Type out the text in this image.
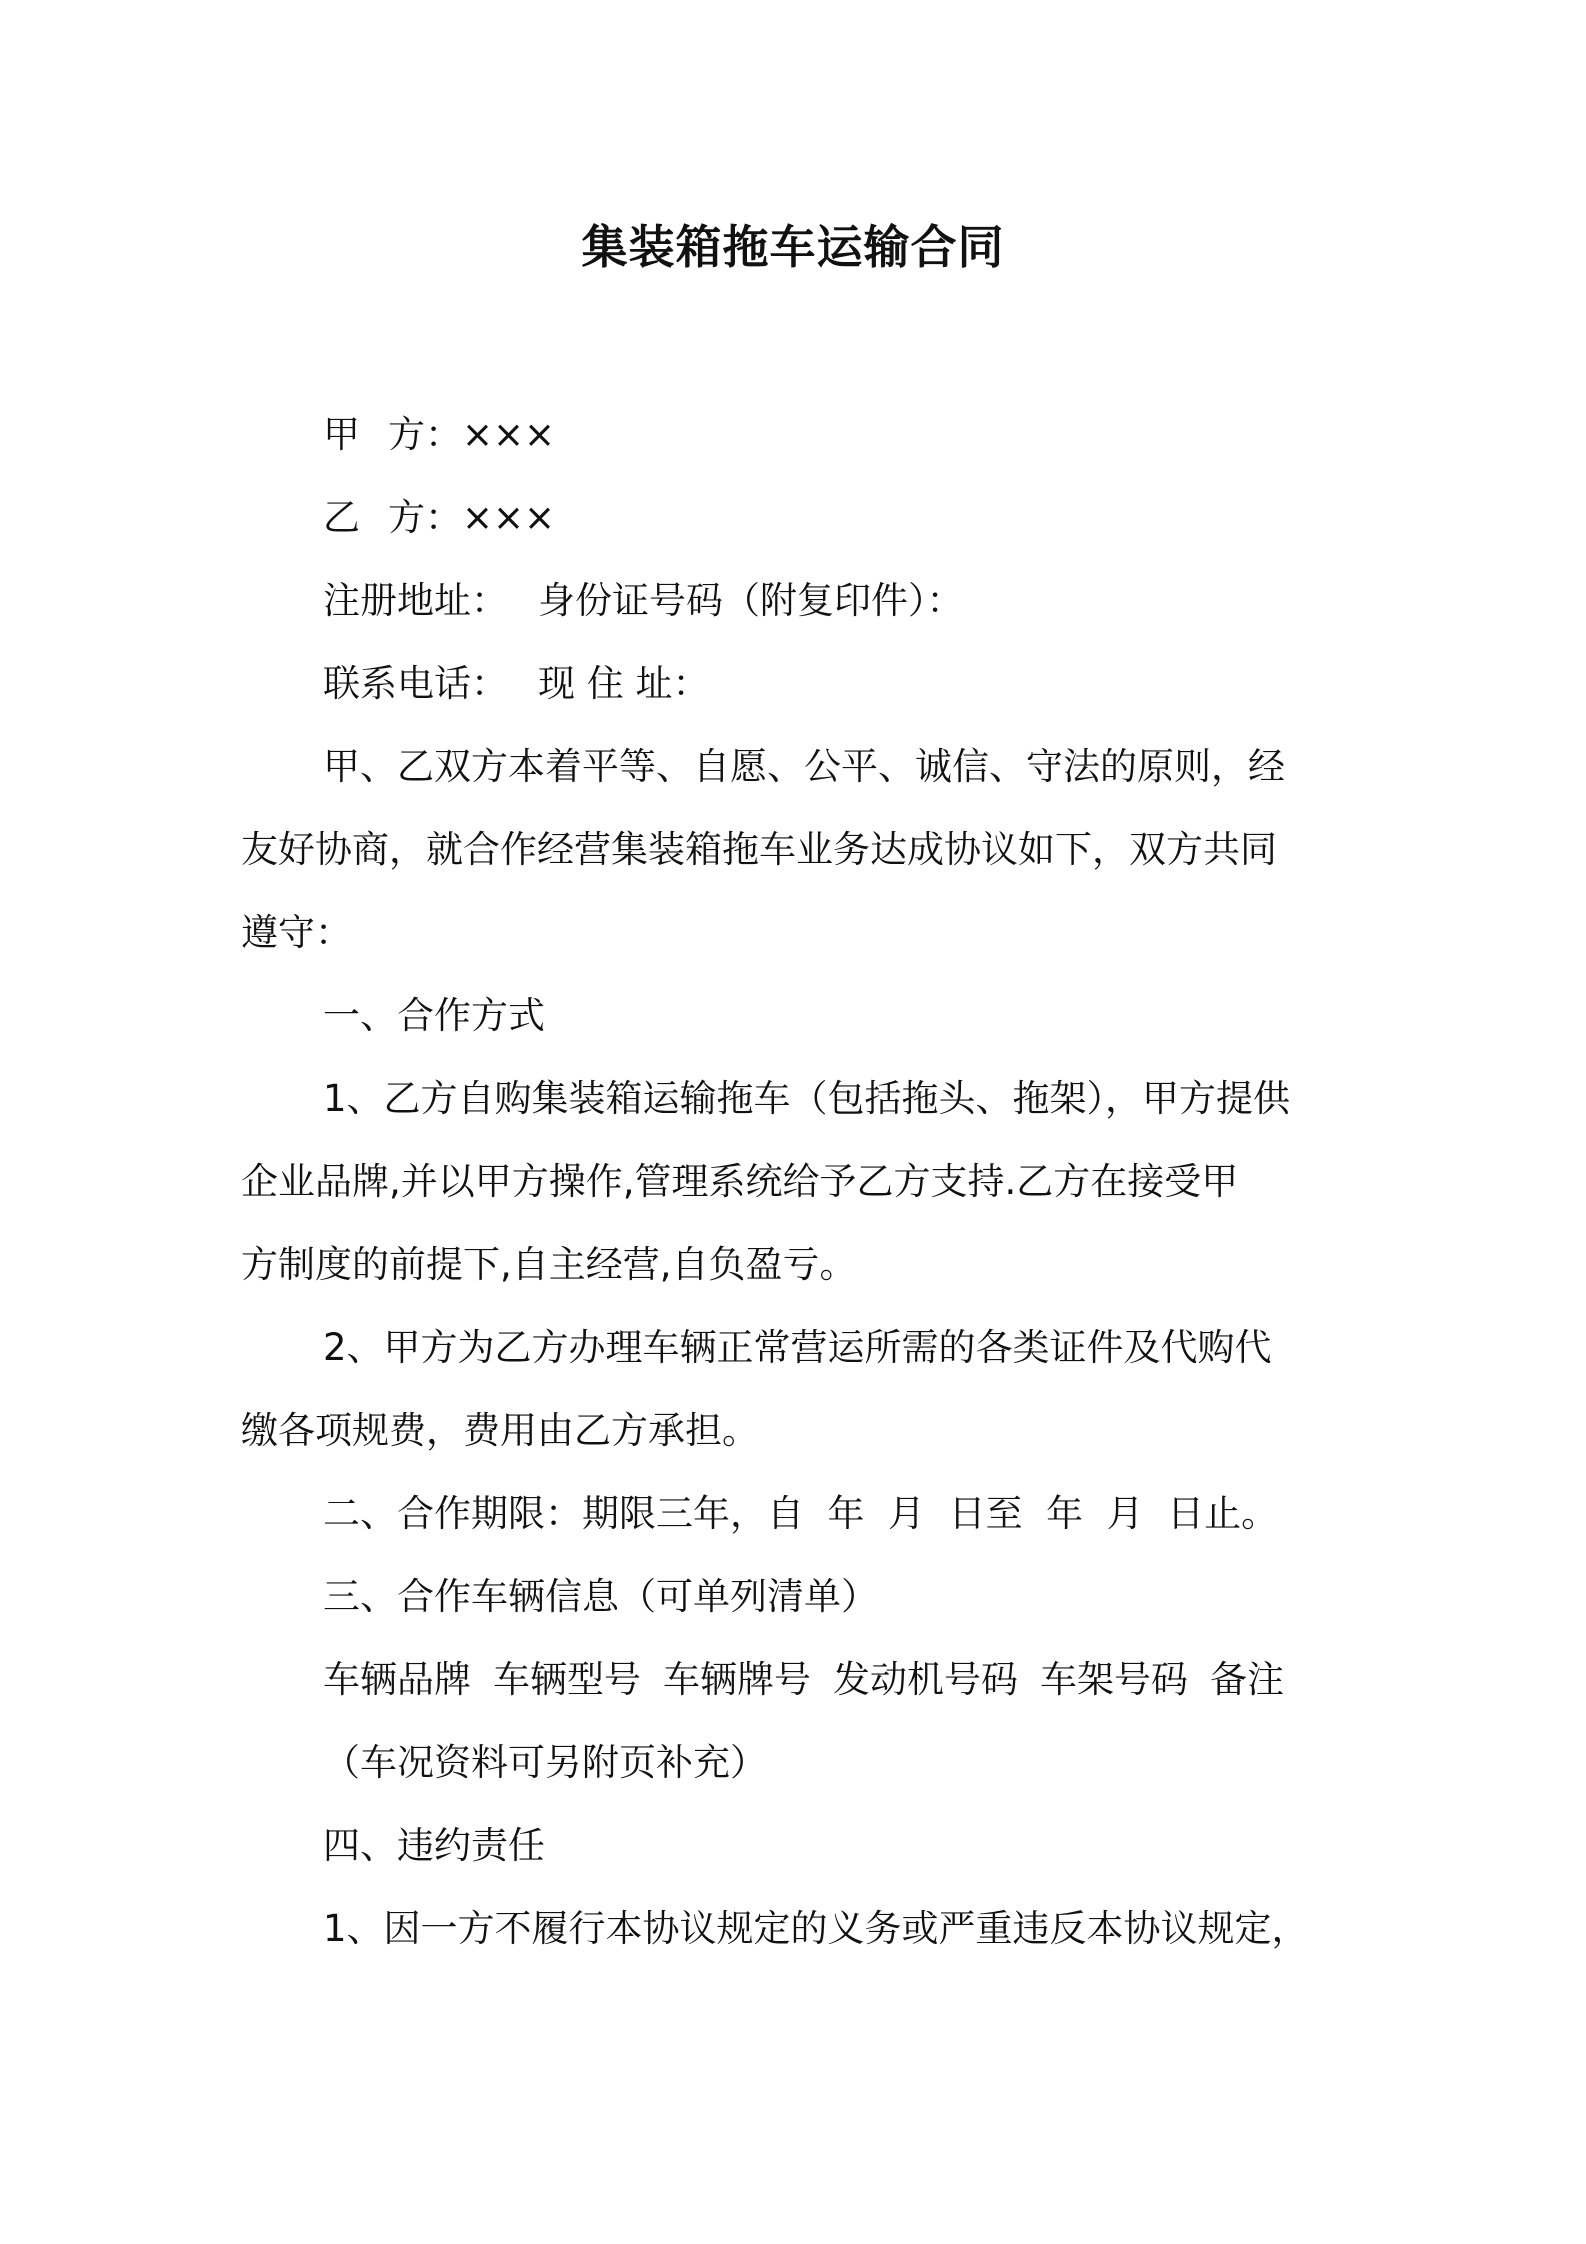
集装箱拖车运输合同
甲 方：×××
乙 方：×××
注册地址： 身份证号码（附复印件）：
联系电话： 现 住 址：
甲、乙双方本着平等、自愿、公平、诚信、守法的原则，经
友好协商，就合作经营集装箱拖车业务达成协议如下，双方共同
遵守：
一、合作方式
1、乙方自购集装箱运输拖车（包括拖头、拖架），甲方提供
企业品牌,并以甲方操作,管理系统给予乙方支持.乙方在接受甲
方制度的前提下,自主经营,自负盈亏。
2、甲方为乙方办理车辆正常营运所需的各类证件及代购代
缴各项规费，费用由乙方承担。
二、合作期限：期限三年，自  年  月  日至  年  月  日止。
三、合作车辆信息（可单列清单）
车辆品牌 车辆型号 车辆牌号 发动机号码 车架号码 备注
（车况资料可另附页补充）
四、违约责任
1、因一方不履行本协议规定的义务或严重违反本协议规定，
